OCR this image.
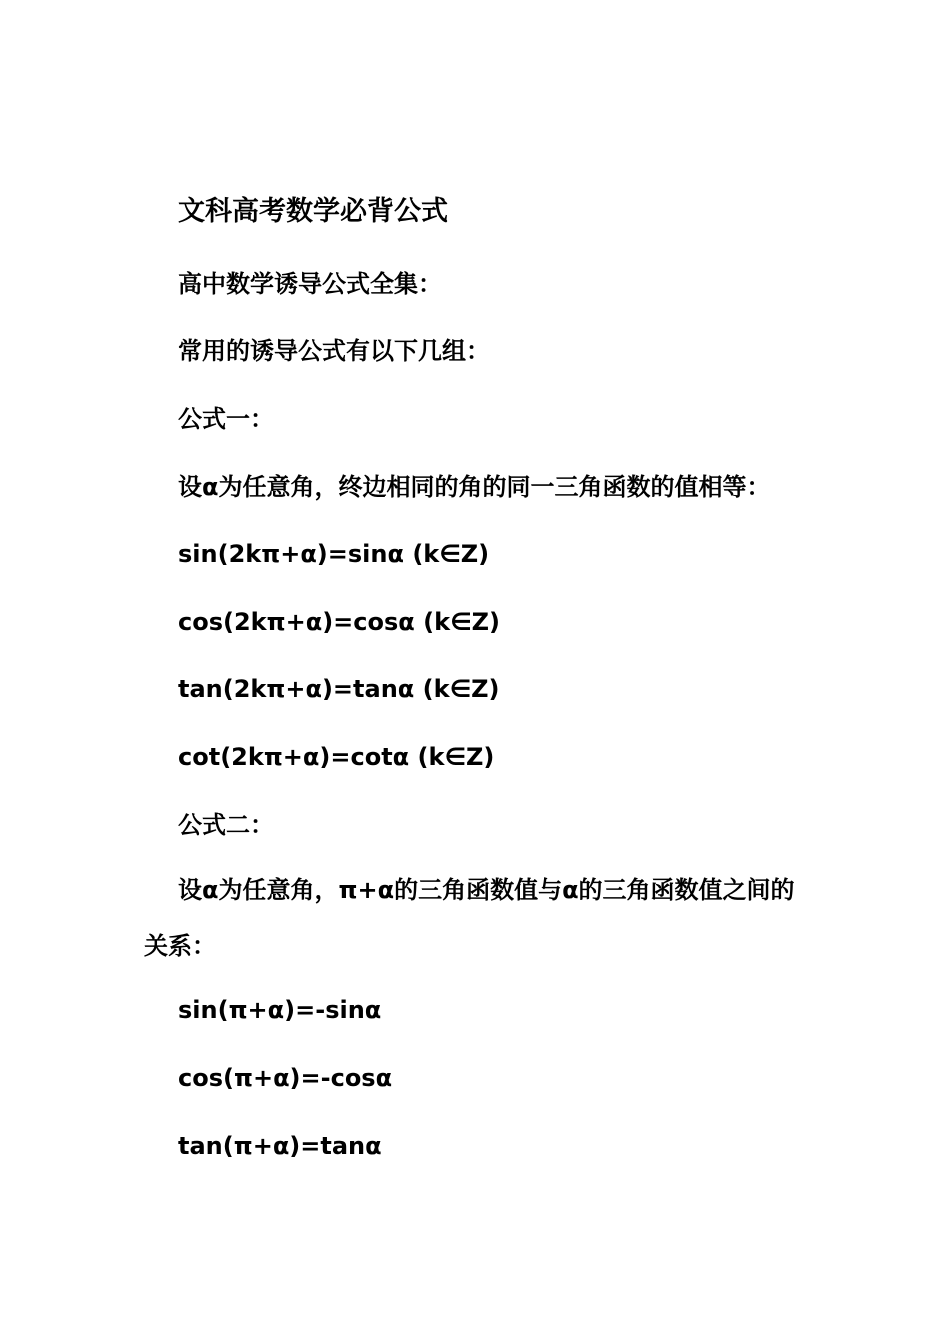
文科高考数学必背公式

高中数学诱导公式全集：

常用的诱导公式有以下几组：

公式一：

设α为任意角，终边相同的角的同一三角函数的值相等：

sin(2kπ+α)=sinα (k∈Z)

cos(2kπ+α)=cosα (k∈Z)

tan(2kπ+α)=tanα (k∈Z)

cot(2kπ+α)=cotα (k∈Z)

公式二：

设α为任意角，π+α的三角函数值与α的三角函数值之间的关系：

sin(π+α)=-sinα

cos(π+α)=-cosα

tan(π+α)=tanα
